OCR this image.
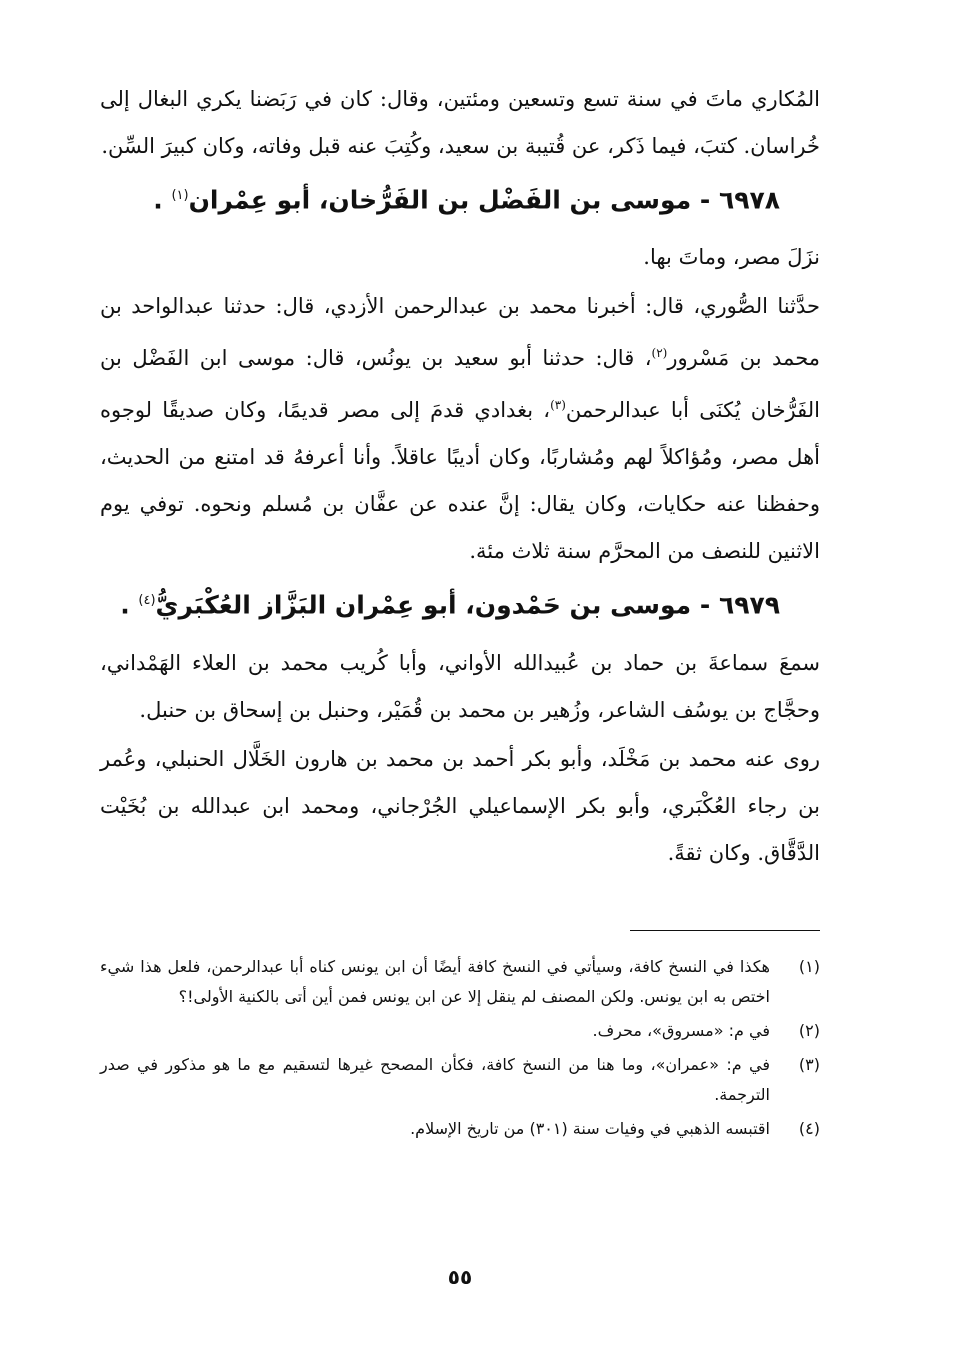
المُكاري ماتَ في سنة تسع وتسعين ومئتين، وقال: كان في رَبَضنا يكري البغال إلى خُراسان. كتبَ، فيما ذَكر، عن قُتيبة بن سعيد، وكُتِبَ عنه قبل وفاته، وكان كبيرَ السِّن.

٦٩٧٨ - موسى بن الفَضْل بن الفَرُّخان، أبو عِمْران$^{(١)}$ .

نزَلَ مصر، وماتَ بها.

حدَّثنا الصُّوري، قال: أخبرنا محمد بن عبدالرحمن الأزدي، قال: حدثنا عبدالواحد بن محمد بن مَسْرور$^{(٢)}$، قال: حدثنا أبو سعيد بن يونُس، قال: موسى ابن الفَضْل بن الفَرُّخان يُكنَى أبا عبدالرحمن$^{(٣)}$، بغدادي قدمَ إلى مصر قديمًا، وكان صديقًا لوجوه أهل مصر، ومُؤاكلاً لهم ومُشاربًا، وكان أديبًا عاقلاً. وأنا أعرفهُ قد امتنع من الحديث، وحفظنا عنه حكايات، وكان يقال: إنَّ عنده عن عفَّان بن مُسلم ونحوه. توفي يوم الاثنين للنصف من المحرَّم سنة ثلاث مئة.

٦٩٧٩ - موسى بن حَمْدون، أبو عِمْران البَزَّاز العُكْبَريُّ$^{(٤)}$ .

سمعَ سماعةَ بن حماد بن عُبيدالله الأواني، وأبا كُريب محمد بن العلاء الهَمْداني، وحجَّاج بن يوسُف الشاعر، وزُهير بن محمد بن قُمَيْر، وحنبل بن إسحاق بن حنبل.

روى عنه محمد بن مَخْلَد، وأبو بكر أحمد بن محمد بن هارون الخَلَّال الحنبلي، وعُمر بن رجاء العُكْبَري، وأبو بكر الإسماعيلي الجُرْجاني، ومحمد ابن عبدالله بن بُخَيْت الدَّقَّاق. وكان ثقةً.

(١)
هكذا في النسخ كافة، وسيأتي في النسخ كافة أيضًا أن ابن يونس كناه أبا عبدالرحمن، فلعل هذا شيء اختص به ابن يونس. ولكن المصنف لم ينقل إلا عن ابن يونس فمن أين أتى بالكنية الأولى!؟
(٢)
في م: «مسروق»، محرف.
(٣)
في م: «عمران»، وما هنا من النسخ كافة، فكأن المصحح غيرها لتسقيم مع ما هو مذكور في صدر الترجمة.
(٤)
اقتبسه الذهبي في وفيات سنة (٣٠١) من تاريخ الإسلام.
٥٥
